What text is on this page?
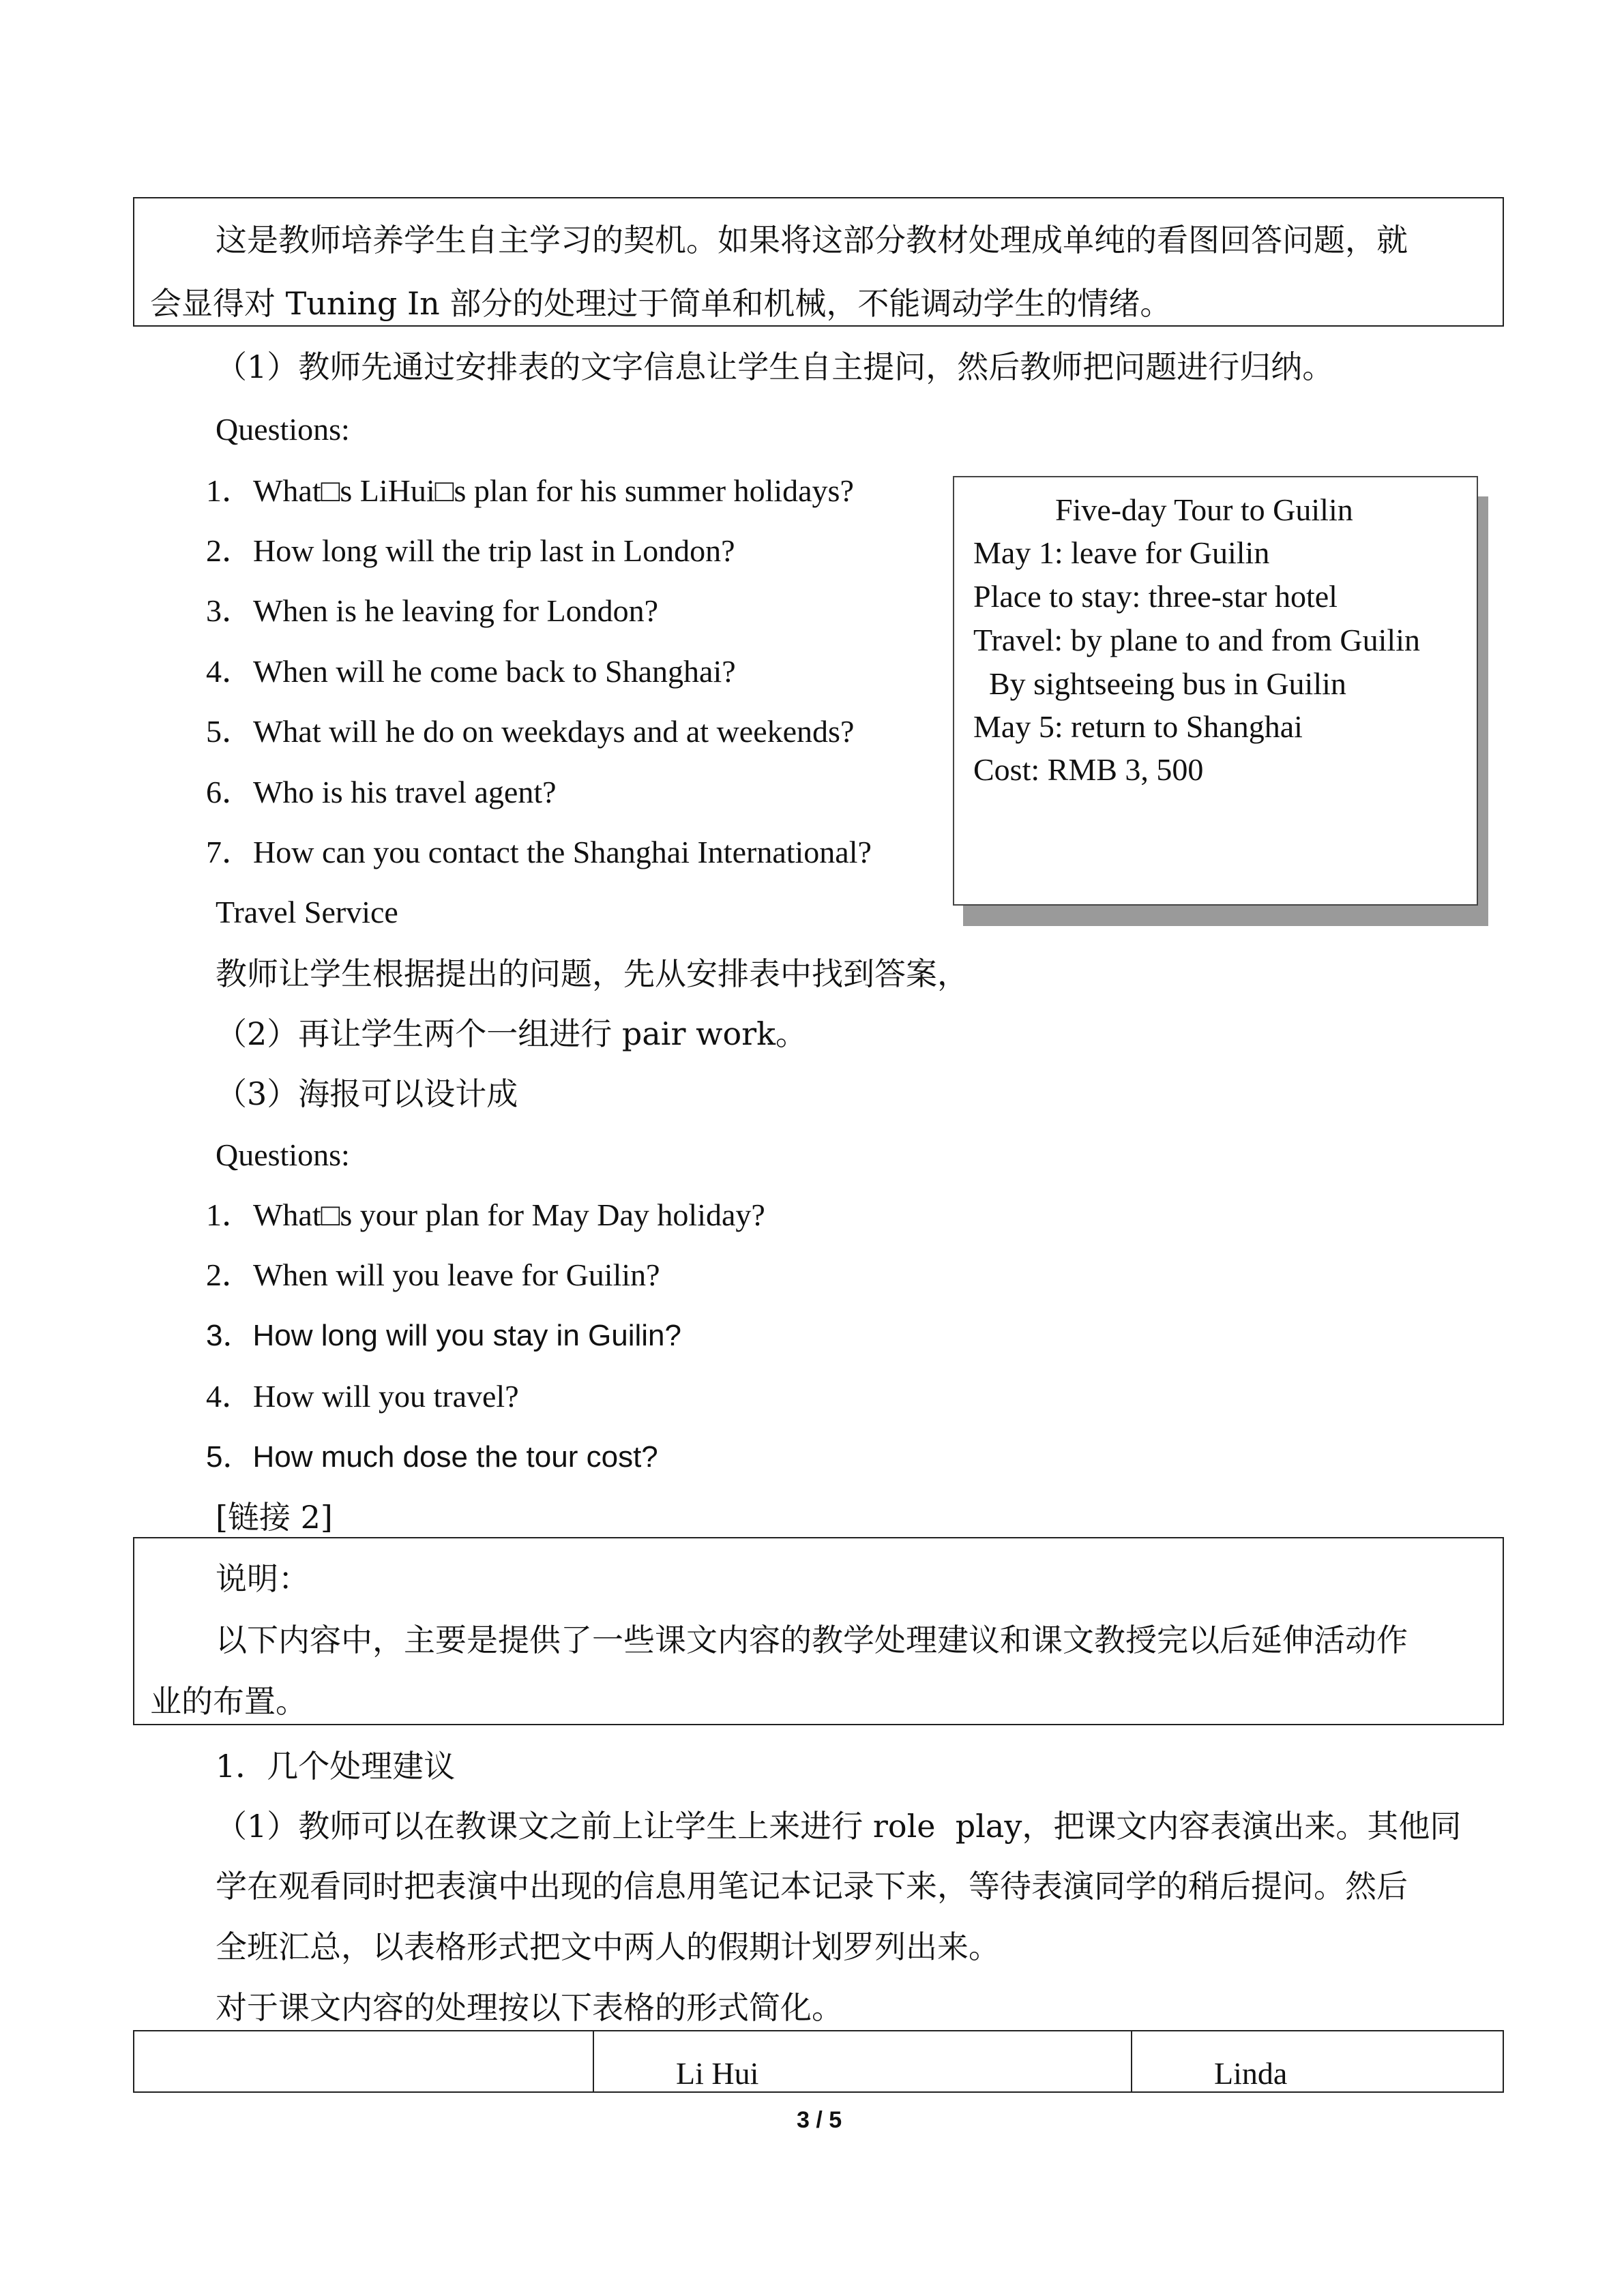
这是教师培养学生自主学习的契机。如果将这部分教材处理成单纯的看图回答问题，就
会显得对 Tuning In 部分的处理过于简单和机械，不能调动学生的情绪。
（1）教师先通过安排表的文字信息让学生自主提问，然后教师把问题进行归纳。
Questions:
1．What□s LiHui□s plan for his summer holidays?
2．How long will the trip last in London?
3．When is he leaving for London?
4．When will he come back to Shanghai?
5．What will he do on weekdays and at weekends?
6．Who is his travel agent?
7．How can you contact the Shanghai International?
Travel Service
Five-day Tour to Guilin
May 1: leave for Guilin
Place to stay: three-star hotel
Travel: by plane to and from Guilin
By sightseeing bus in Guilin
May 5: return to Shanghai
Cost: RMB 3, 500
教师让学生根据提出的问题，先从安排表中找到答案，
（2）再让学生两个一组进行 pair work。
（3）海报可以设计成
Questions:
1．What□s your plan for May Day holiday?
2．When will you leave for Guilin?
3．How long will you stay in Guilin?
4．How will you travel?
5．How much dose the tour cost?
[链接 2]
说明：
以下内容中，主要是提供了一些课文内容的教学处理建议和课文教授完以后延伸活动作
业的布置。
1．几个处理建议
（1）教师可以在教课文之前上让学生上来进行 role  play，把课文内容表演出来。其他同
学在观看同时把表演中出现的信息用笔记本记录下来，等待表演同学的稍后提问。然后
全班汇总，以表格形式把文中两人的假期计划罗列出来。
对于课文内容的处理按以下表格的形式简化。
	Li Hui	Linda
3 / 5
